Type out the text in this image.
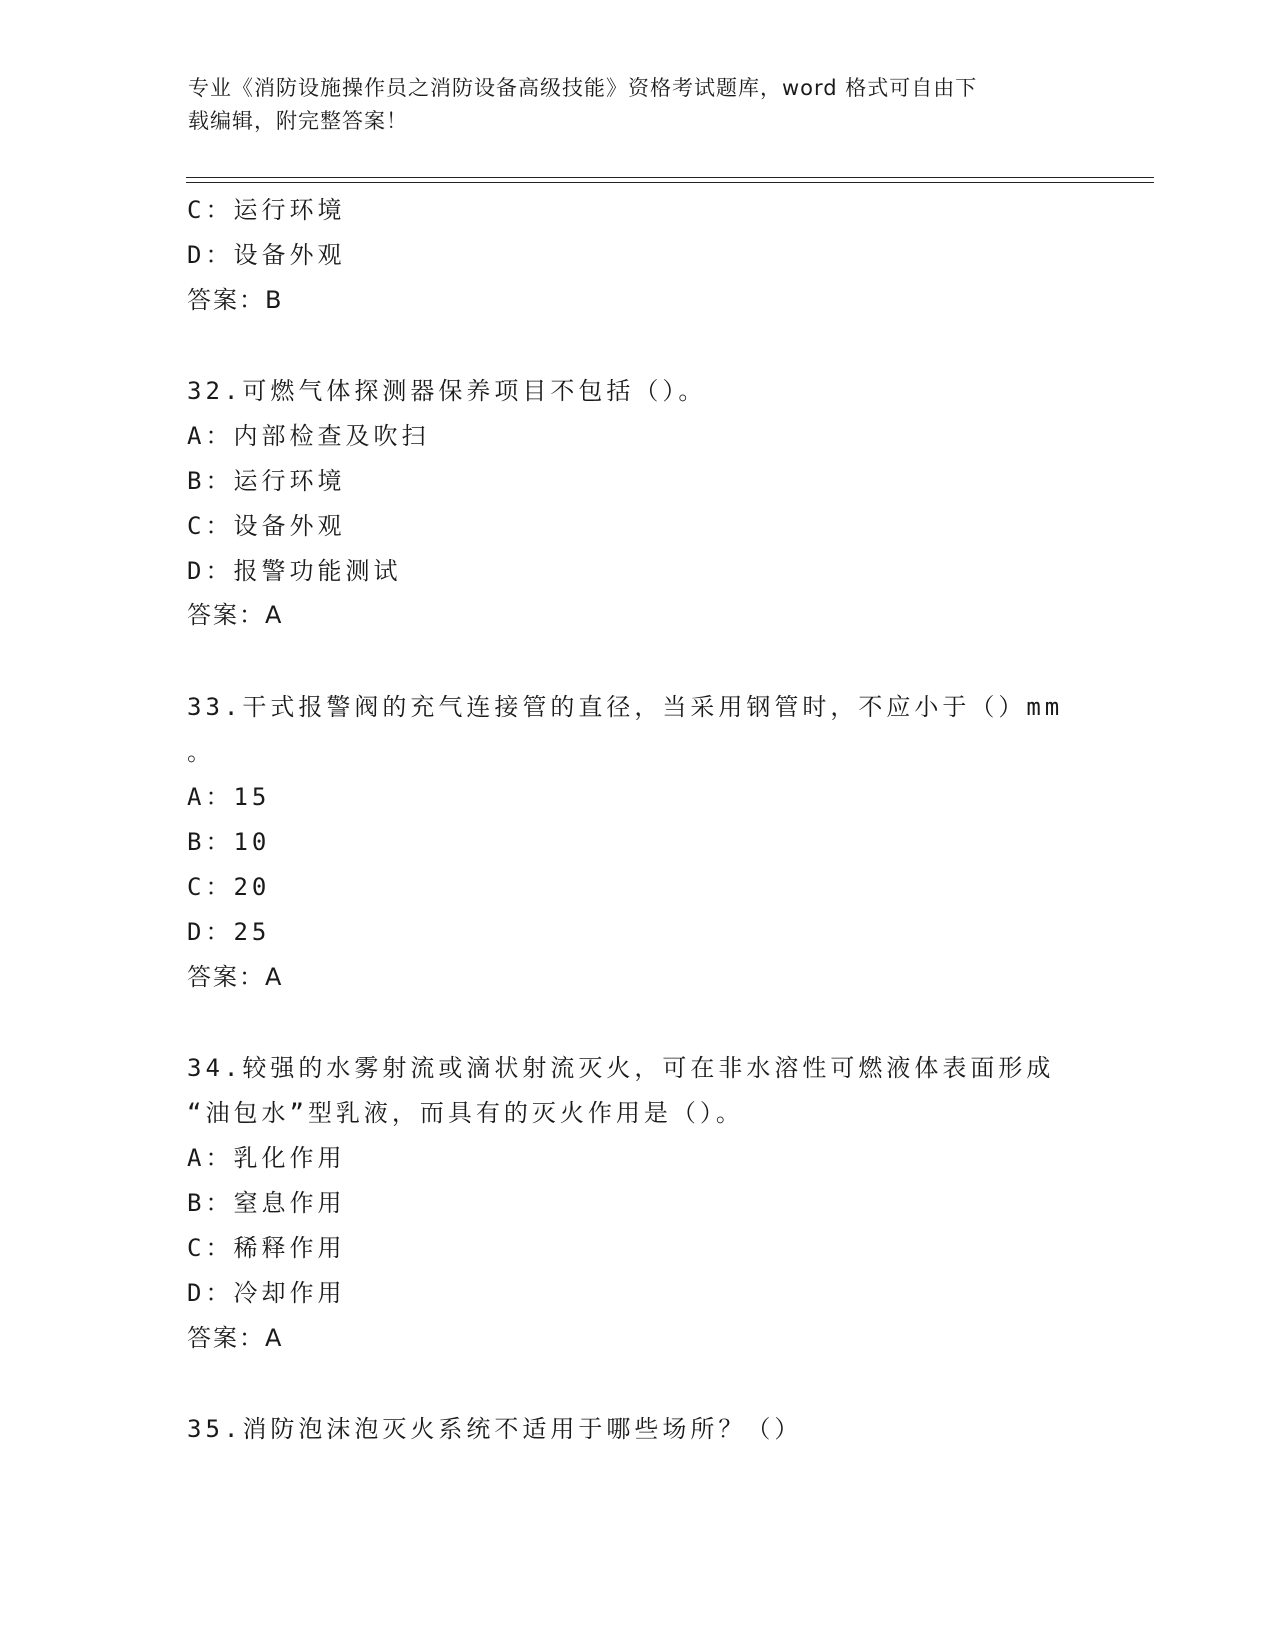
专业《消防设施操作员之消防设备高级技能》资格考试题库，word 格式可自由下
载编辑，附完整答案！
C：运行环境
D：设备外观
答案：B
32.可燃气体探测器保养项目不包括（）。
A：内部检查及吹扫
B：运行环境
C：设备外观
D：报警功能测试
答案：A
33.干式报警阀的充气连接管的直径，当采用钢管时，不应小于（）mm
。
A：15
B：10
C：20
D：25
答案：A
34.较强的水雾射流或滴状射流灭火，可在非水溶性可燃液体表面形成
“油包水”型乳液，而具有的灭火作用是（）。
A：乳化作用
B：窒息作用
C：稀释作用
D：冷却作用
答案：A
35.消防泡沫泡灭火系统不适用于哪些场所？（）
